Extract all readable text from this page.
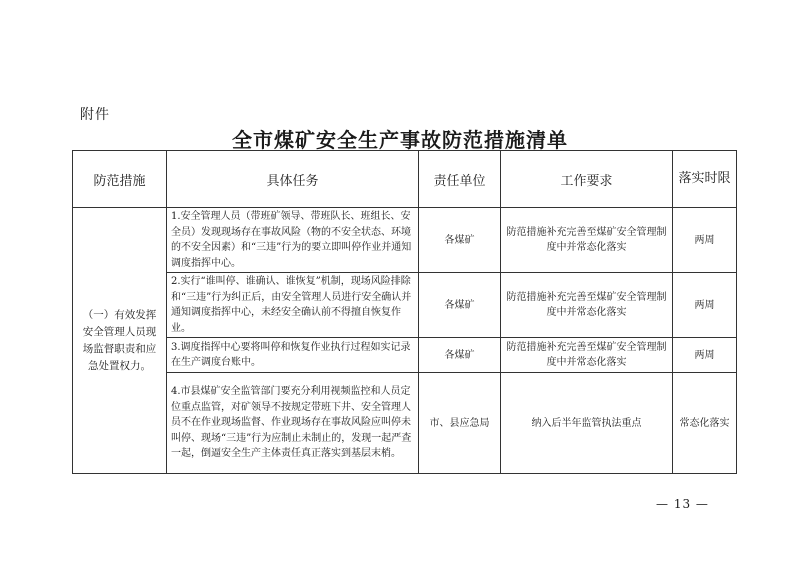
附件
全市煤矿安全生产事故防范措施清单
防范措施	具体任务	责任单位	工作要求	落实时限

（一）有效发挥安全管理人员现场监督职责和应急处置权力。	1.安全管理人员（带班矿领导、带班队长、班组长、安全员）发现现场存在事故风险（物的不安全状态、环境的不安全因素）和“三违”行为的要立即叫停作业并通知调度指挥中心。	各煤矿	防范措施补充完善至煤矿安全管理制度中并常态化落实	两周
	2.实行“谁叫停、谁确认、谁恢复”机制，现场风险排除和“三违”行为纠正后，由安全管理人员进行安全确认并通知调度指挥中心，未经安全确认前不得擅自恢复作业。	各煤矿	防范措施补充完善至煤矿安全管理制度中并常态化落实	两周
	3.调度指挥中心要将叫停和恢复作业执行过程如实记录在生产调度台账中。	各煤矿	防范措施补充完善至煤矿安全管理制度中并常态化落实	两周
	4.市县煤矿安全监管部门要充分利用视频监控和人员定位重点监管，对矿领导不按规定带班下井、安全管理人员不在作业现场监督、作业现场存在事故风险应叫停未叫停、现场“三违”行为应制止未制止的，发现一起严查一起，倒逼安全生产主体责任真正落实到基层末梢。	市、县应急局	纳入后半年监管执法重点	常态化落实
— 13 —
